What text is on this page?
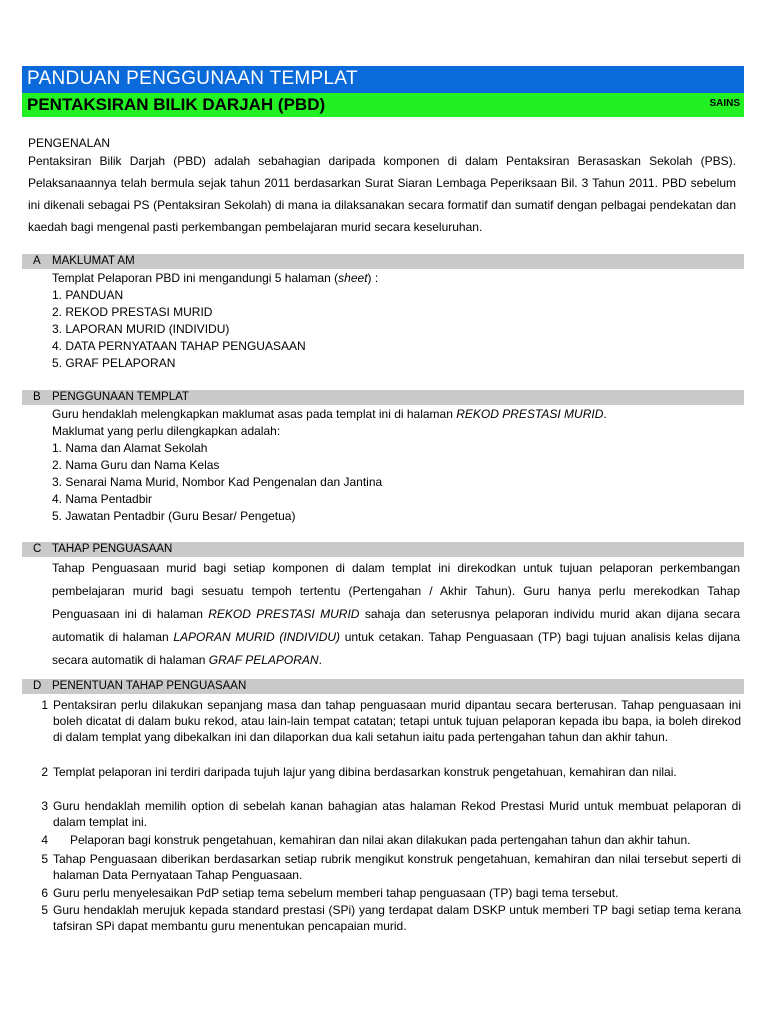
PANDUAN PENGGUNAAN TEMPLAT
PENTAKSIRAN BILIK DARJAH (PBD)	SAINS
PENGENALAN
Pentaksiran Bilik Darjah (PBD) adalah sebahagian daripada komponen di dalam Pentaksiran Berasaskan Sekolah (PBS). Pelaksanaannya telah bermula sejak tahun 2011 berdasarkan Surat Siaran Lembaga Peperiksaan Bil. 3 Tahun 2011. PBD sebelum ini dikenali sebagai PS (Pentaksiran Sekolah) di mana ia dilaksanakan secara formatif dan sumatif dengan pelbagai pendekatan dan kaedah bagi mengenal pasti perkembangan pembelajaran murid secara keseluruhan.
A MAKLUMAT AM
Templat Pelaporan PBD ini mengandungi 5 halaman (sheet) :
1. PANDUAN
2. REKOD PRESTASI MURID
3. LAPORAN MURID (INDIVIDU)
4. DATA PERNYATAAN TAHAP PENGUASAAN
5. GRAF PELAPORAN
B PENGGUNAAN TEMPLAT
Guru hendaklah melengkapkan maklumat asas pada templat ini di halaman REKOD PRESTASI MURID.
Maklumat yang perlu dilengkapkan adalah:
1. Nama dan Alamat Sekolah
2. Nama Guru dan Nama Kelas
3. Senarai Nama Murid, Nombor Kad Pengenalan dan Jantina
4. Nama Pentadbir
5. Jawatan Pentadbir (Guru Besar/ Pengetua)
C TAHAP PENGUASAAN
Tahap Penguasaan murid bagi setiap komponen di dalam templat ini direkodkan untuk tujuan pelaporan perkembangan pembelajaran murid bagi sesuatu tempoh tertentu (Pertengahan / Akhir Tahun). Guru hanya perlu merekodkan Tahap Penguasaan ini di halaman REKOD PRESTASI MURID sahaja dan seterusnya pelaporan individu murid akan dijana secara automatik di halaman LAPORAN MURID (INDIVIDU) untuk cetakan. Tahap Penguasaan (TP) bagi tujuan analisis kelas dijana secara automatik di halaman GRAF PELAPORAN.
D PENENTUAN TAHAP PENGUASAAN
1 Pentaksiran perlu dilakukan sepanjang masa dan tahap penguasaan murid dipantau secara berterusan. Tahap penguasaan ini boleh dicatat di dalam buku rekod, atau lain-lain tempat catatan; tetapi untuk tujuan pelaporan kepada ibu bapa, ia boleh direkod di dalam templat yang dibekalkan ini dan dilaporkan dua kali setahun iaitu pada pertengahan tahun dan akhir tahun.
2 Templat pelaporan ini terdiri daripada tujuh lajur yang dibina berdasarkan konstruk pengetahuan, kemahiran dan nilai.
3 Guru hendaklah memilih option di sebelah kanan bahagian atas halaman Rekod Prestasi Murid untuk membuat pelaporan di dalam templat ini.
4 Pelaporan bagi konstruk pengetahuan, kemahiran dan nilai akan dilakukan pada pertengahan tahun dan akhir tahun.
5 Tahap Penguasaan diberikan berdasarkan setiap rubrik mengikut konstruk pengetahuan, kemahiran dan nilai tersebut seperti di halaman Data Pernyataan Tahap Penguasaan.
6 Guru perlu menyelesaikan PdP setiap tema sebelum memberi tahap penguasaan (TP) bagi tema tersebut.
5 Guru hendaklah merujuk kepada standard prestasi (SPi) yang terdapat dalam DSKP untuk memberi TP bagi setiap tema kerana tafsiran SPi dapat membantu guru menentukan pencapaian murid.
